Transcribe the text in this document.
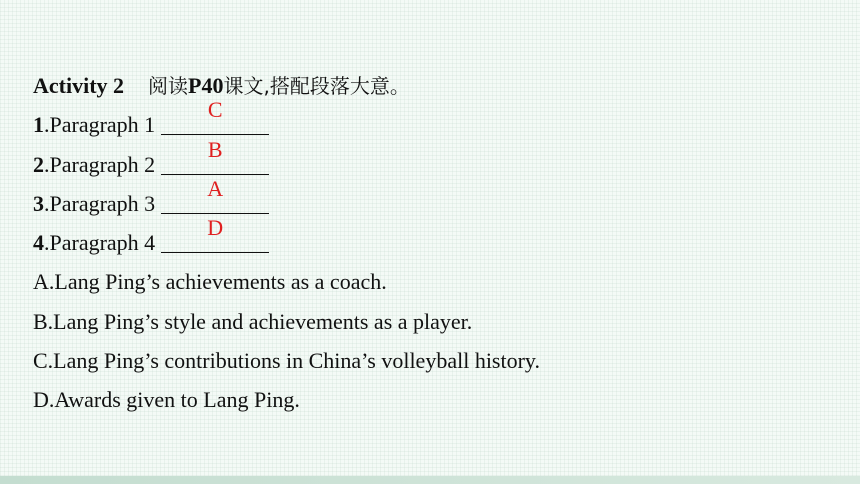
Activity 2 阅读P40课文,搭配段落大意。
1.Paragraph 1
C
2.Paragraph 2
B
3.Paragraph 3
A
4.Paragraph 4
D
A.Lang Ping’s achievements as a coach.
B.Lang Ping’s style and achievements as a player.
C.Lang Ping’s contributions in China’s volleyball history.
D.Awards given to Lang Ping.
